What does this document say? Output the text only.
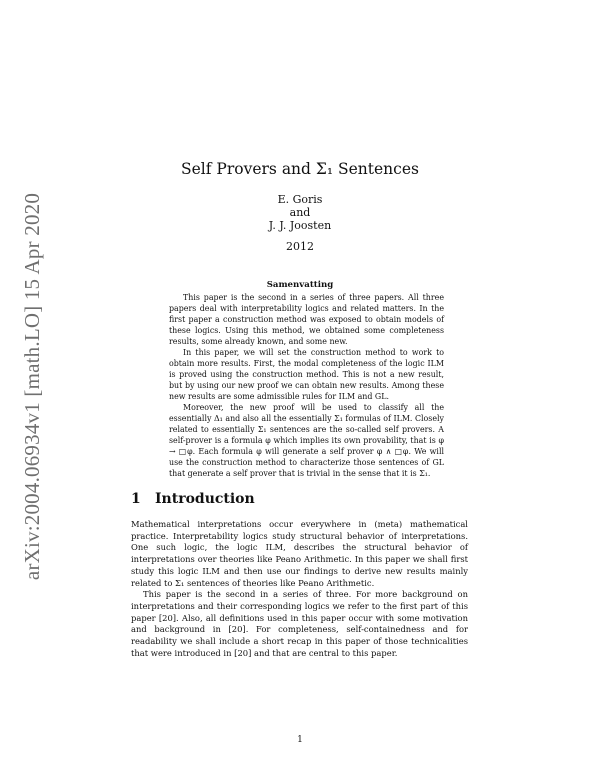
arXiv:2004.06934v1 [math.LO] 15 Apr 2020
Self Provers and Σ₁ Sentences
E. Goris
and
J. J. Joosten
2012
Samenvatting

This paper is the second in a series of three papers. All three papers deal with interpretability logics and related matters. In the first paper a construction method was exposed to obtain models of these logics. Using this method, we obtained some completeness results, some already known, and some new.

In this paper, we will set the construction method to work to obtain more results. First, the modal completeness of the logic ILM is proved using the construction method. This is not a new result, but by using our new proof we can obtain new results. Among these new results are some admissible rules for ILM and GL.

Moreover, the new proof will be used to classify all the essentially Δ₁ and also all the essentially Σ₁ formulas of ILM. Closely related to essentially Σ₁ sentences are the so-called self provers. A self-prover is a formula φ which implies its own provability, that is φ → □φ. Each formula φ will generate a self prover φ ∧ □φ. We will use the construction method to characterize those sentences of GL that generate a self prover that is trivial in the sense that it is Σ₁.

1 Introduction

Mathematical interpretations occur everywhere in (meta) mathematical practice. Interpretability logics study structural behavior of interpretations. One such logic, the logic ILM, describes the structural behavior of interpretations over theories like Peano Arithmetic. In this paper we shall first study this logic ILM and then use our findings to derive new results mainly related to Σ₁ sentences of theories like Peano Arithmetic.

This paper is the second in a series of three. For more background on interpretations and their corresponding logics we refer to the first part of this paper [20]. Also, all definitions used in this paper occur with some motivation and background in [20]. For completeness, self-containedness and for readability we shall include a short recap in this paper of those technicalities that were introduced in [20] and that are central to this paper.

1
